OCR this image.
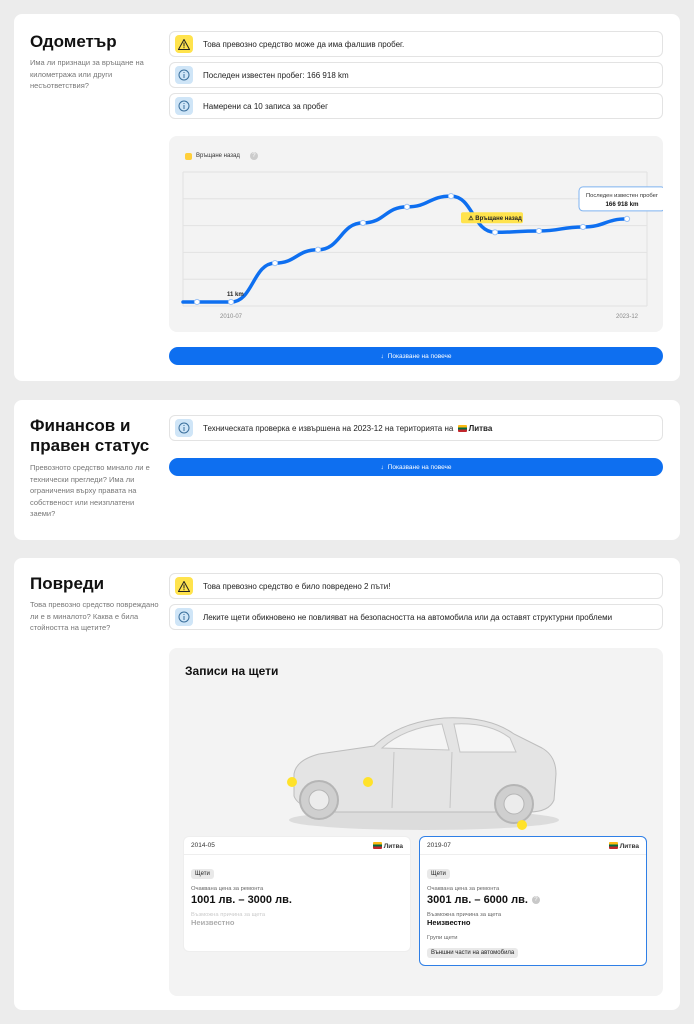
Одометър
Има ли признаци за връщане на километража или други несъответствия?
Това превозно средство може да има фалшив пробег.
Последен известен пробег: 166 918 km
Намерени са 10 записа за пробег
Връщане назад	?
2010-07	2023-12
11 km
⚠ Връщане назад
Последен известен пробег
166 918 km
↓ Показване на повече
Финансов и
правен статус
Превозното средство минало ли е технически прегледи? Има ли ограничения върху правата на собственост или неизплатени заеми?
Техническата проверка е извършена на 2023-12 на територията на Литва
↓ Показване на повече
Повреди
Това превозно средство повреждано ли е в миналото? Каква е била стойността на щетите?
Това превозно средство е било повредено 2 пъти!
Леките щети обикновено не повлияват на безопасността на автомобила или да оставят структурни проблеми
Записи на щети
2014-05	Литва
Щети
Очаквана цена за ремонта
1001 лв. – 3000 лв.
Възможна причина за щета
Неизвестно
2019-07	Литва
Щети
Очаквана цена за ремонта
3001 лв. – 6000 лв.	?
Възможна причина за щета
Неизвестно
Групи щети
Външни части на автомобила
